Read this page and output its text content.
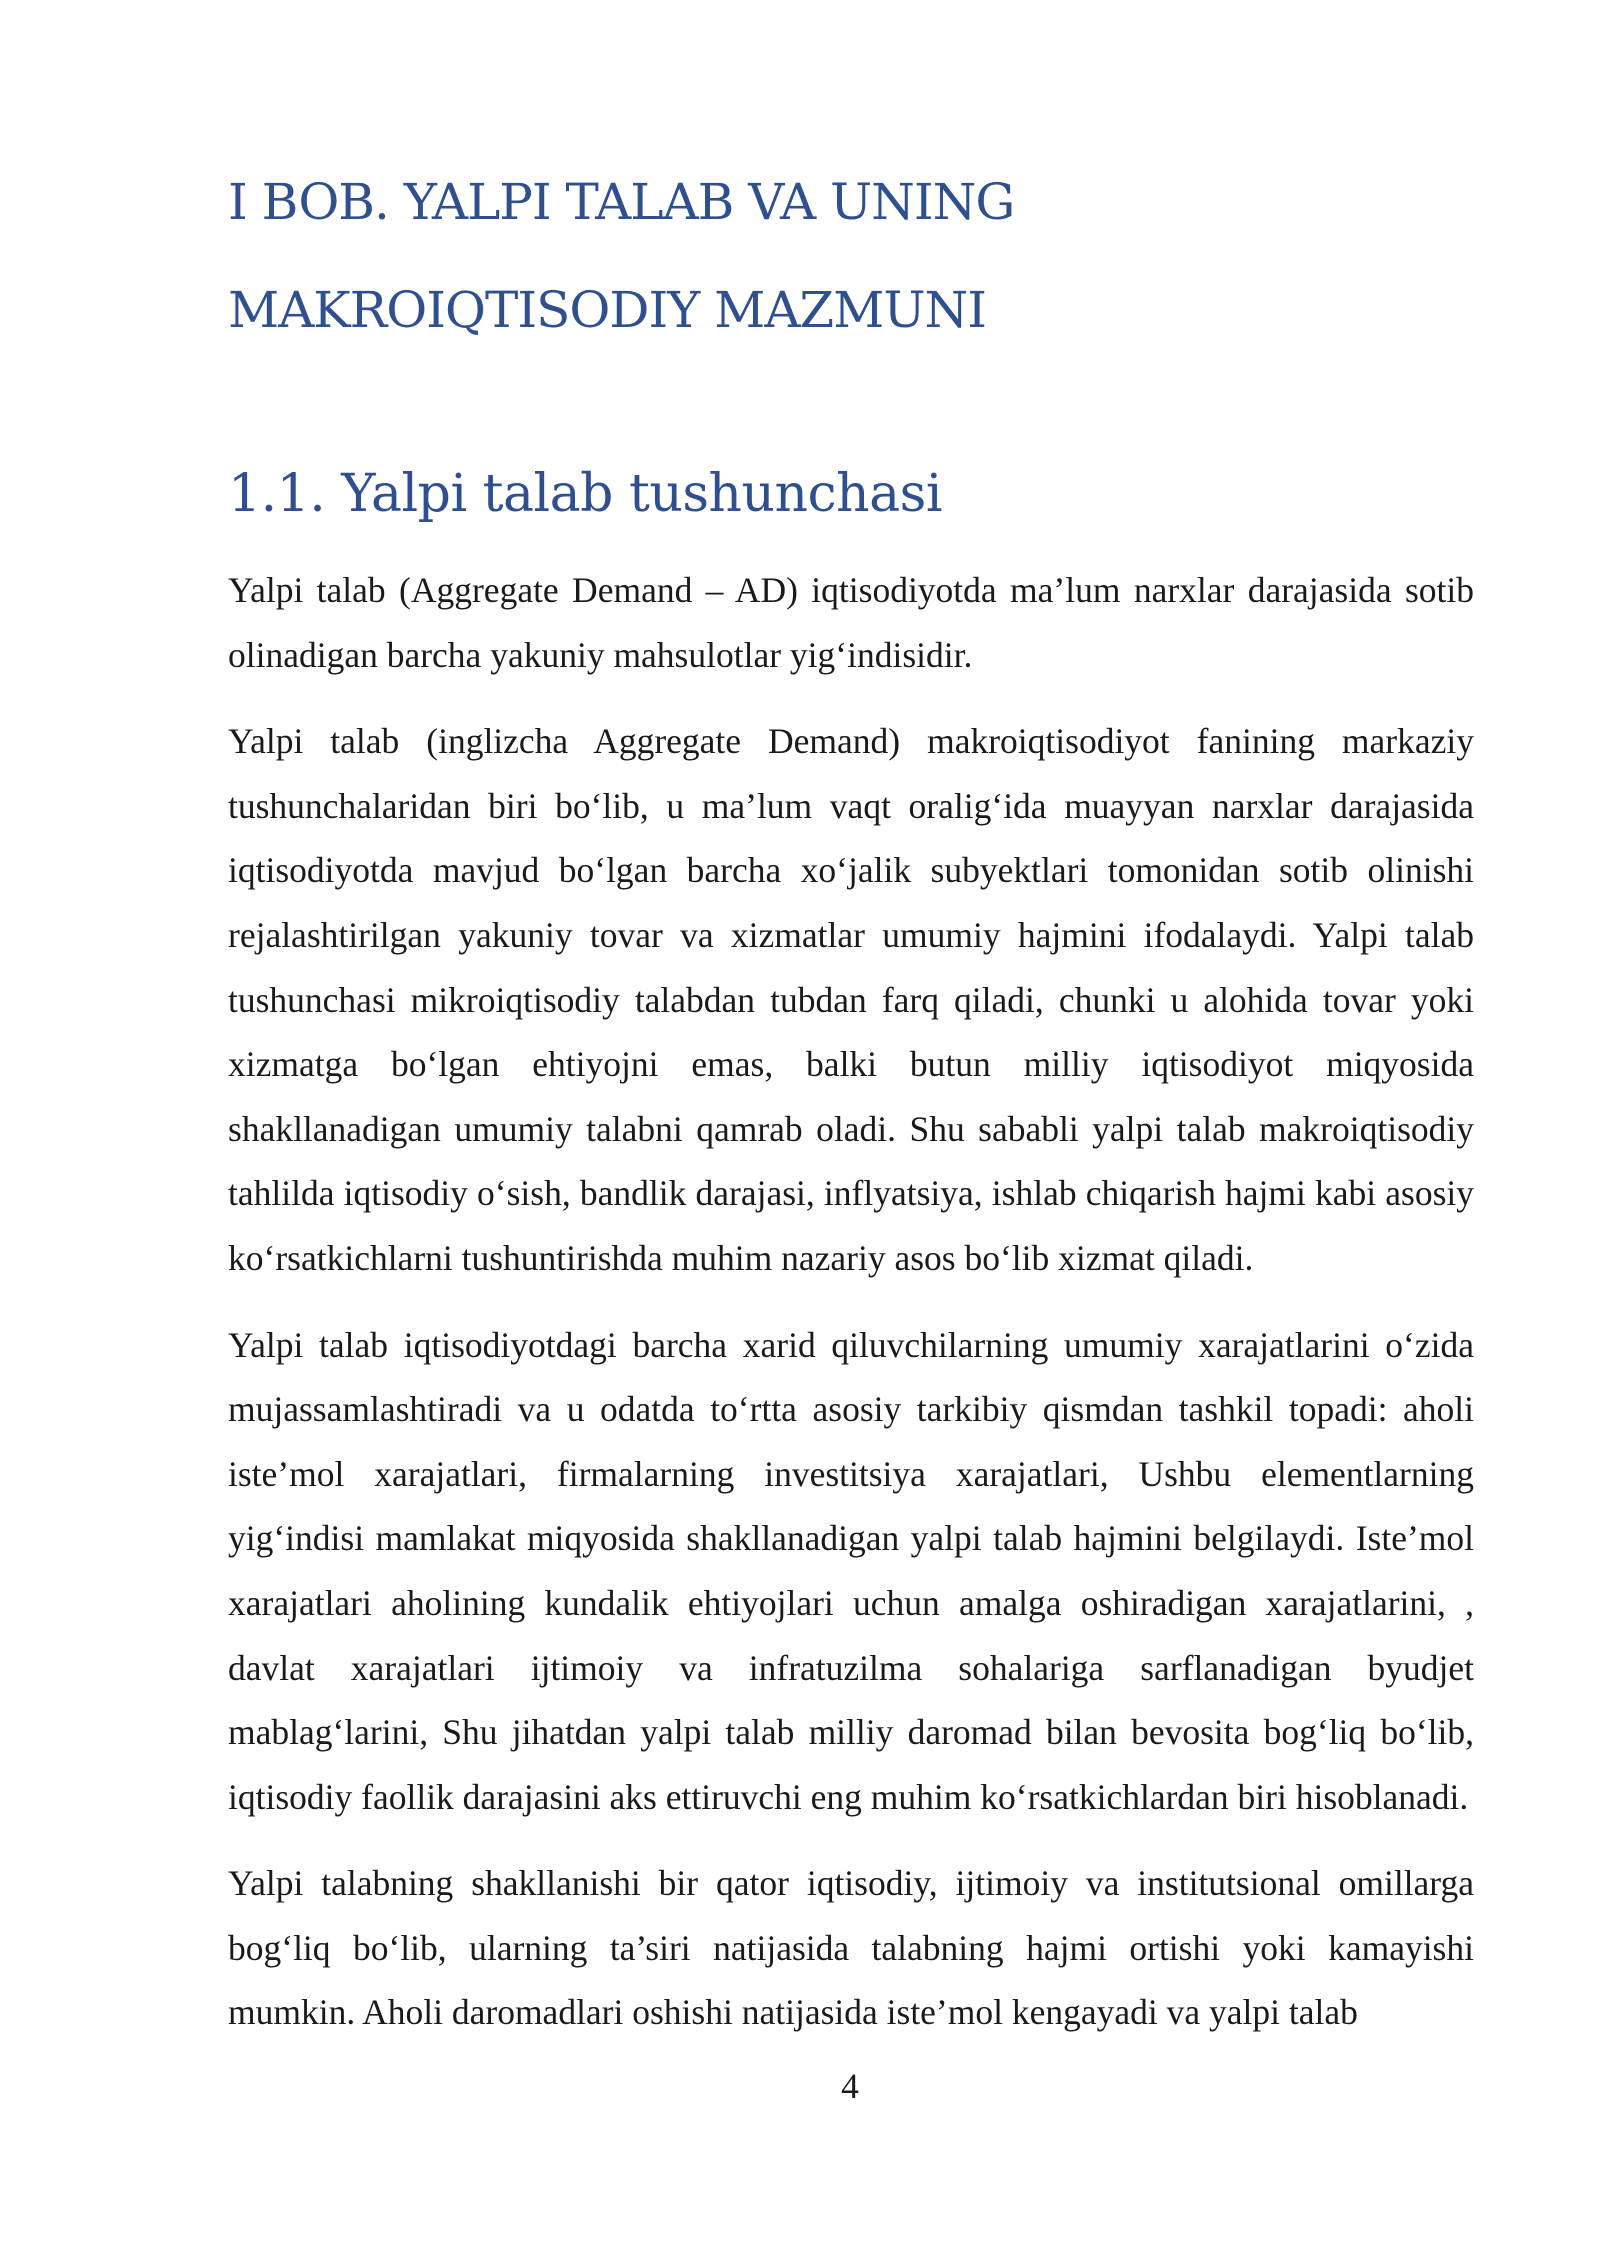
I BOB. YALPI TALAB VA UNING MAKROIQTISODIY MAZMUNI
1.1. Yalpi talab tushunchasi

Yalpi talab (Aggregate Demand – AD) iqtisodiyotda ma’lum narxlar darajasida sotib olinadigan barcha yakuniy mahsulotlar yig‘indisidir.

Yalpi talab (inglizcha Aggregate Demand) makroiqtisodiyot fanining markaziy tushunchalaridan biri bo‘lib, u ma’lum vaqt oralig‘ida muayyan narxlar darajasida iqtisodiyotda mavjud bo‘lgan barcha xo‘jalik subyektlari tomonidan sotib olinishi rejalashtirilgan yakuniy tovar va xizmatlar umumiy hajmini ifodalaydi. Yalpi talab tushunchasi mikroiqtisodiy talabdan tubdan farq qiladi, chunki u alohida tovar yoki xizmatga bo‘lgan ehtiyojni emas, balki butun milliy iqtisodiyot miqyosida shakllanadigan umumiy talabni qamrab oladi. Shu sababli yalpi talab makroiqtisodiy tahlilda iqtisodiy o‘sish, bandlik darajasi, inflyatsiya, ishlab chiqarish hajmi kabi asosiy ko‘rsatkichlarni tushuntirishda muhim nazariy asos bo‘lib xizmat qiladi.

Yalpi talab iqtisodiyotdagi barcha xarid qiluvchilarning umumiy xarajatlarini o‘zida mujassamlashtiradi va u odatda to‘rtta asosiy tarkibiy qismdan tashkil topadi: aholi iste’mol xarajatlari, firmalarning investitsiya xarajatlari, Ushbu elementlarning yig‘indisi mamlakat miqyosida shakllanadigan yalpi talab hajmini belgilaydi. Iste’mol xarajatlari aholining kundalik ehtiyojlari uchun amalga oshiradigan xarajatlarini, , davlat xarajatlari ijtimoiy va infratuzilma sohalariga sarflanadigan byudjet mablag‘larini, Shu jihatdan yalpi talab milliy daromad bilan bevosita bog‘liq bo‘lib, iqtisodiy faollik darajasini aks ettiruvchi eng muhim ko‘rsatkichlardan biri hisoblanadi.

Yalpi talabning shakllanishi bir qator iqtisodiy, ijtimoiy va institutsional omillarga bog‘liq bo‘lib, ularning ta’siri natijasida talabning hajmi ortishi yoki kamayishi mumkin. Aholi daromadlari oshishi natijasida iste’mol kengayadi va yalpi talab

4
